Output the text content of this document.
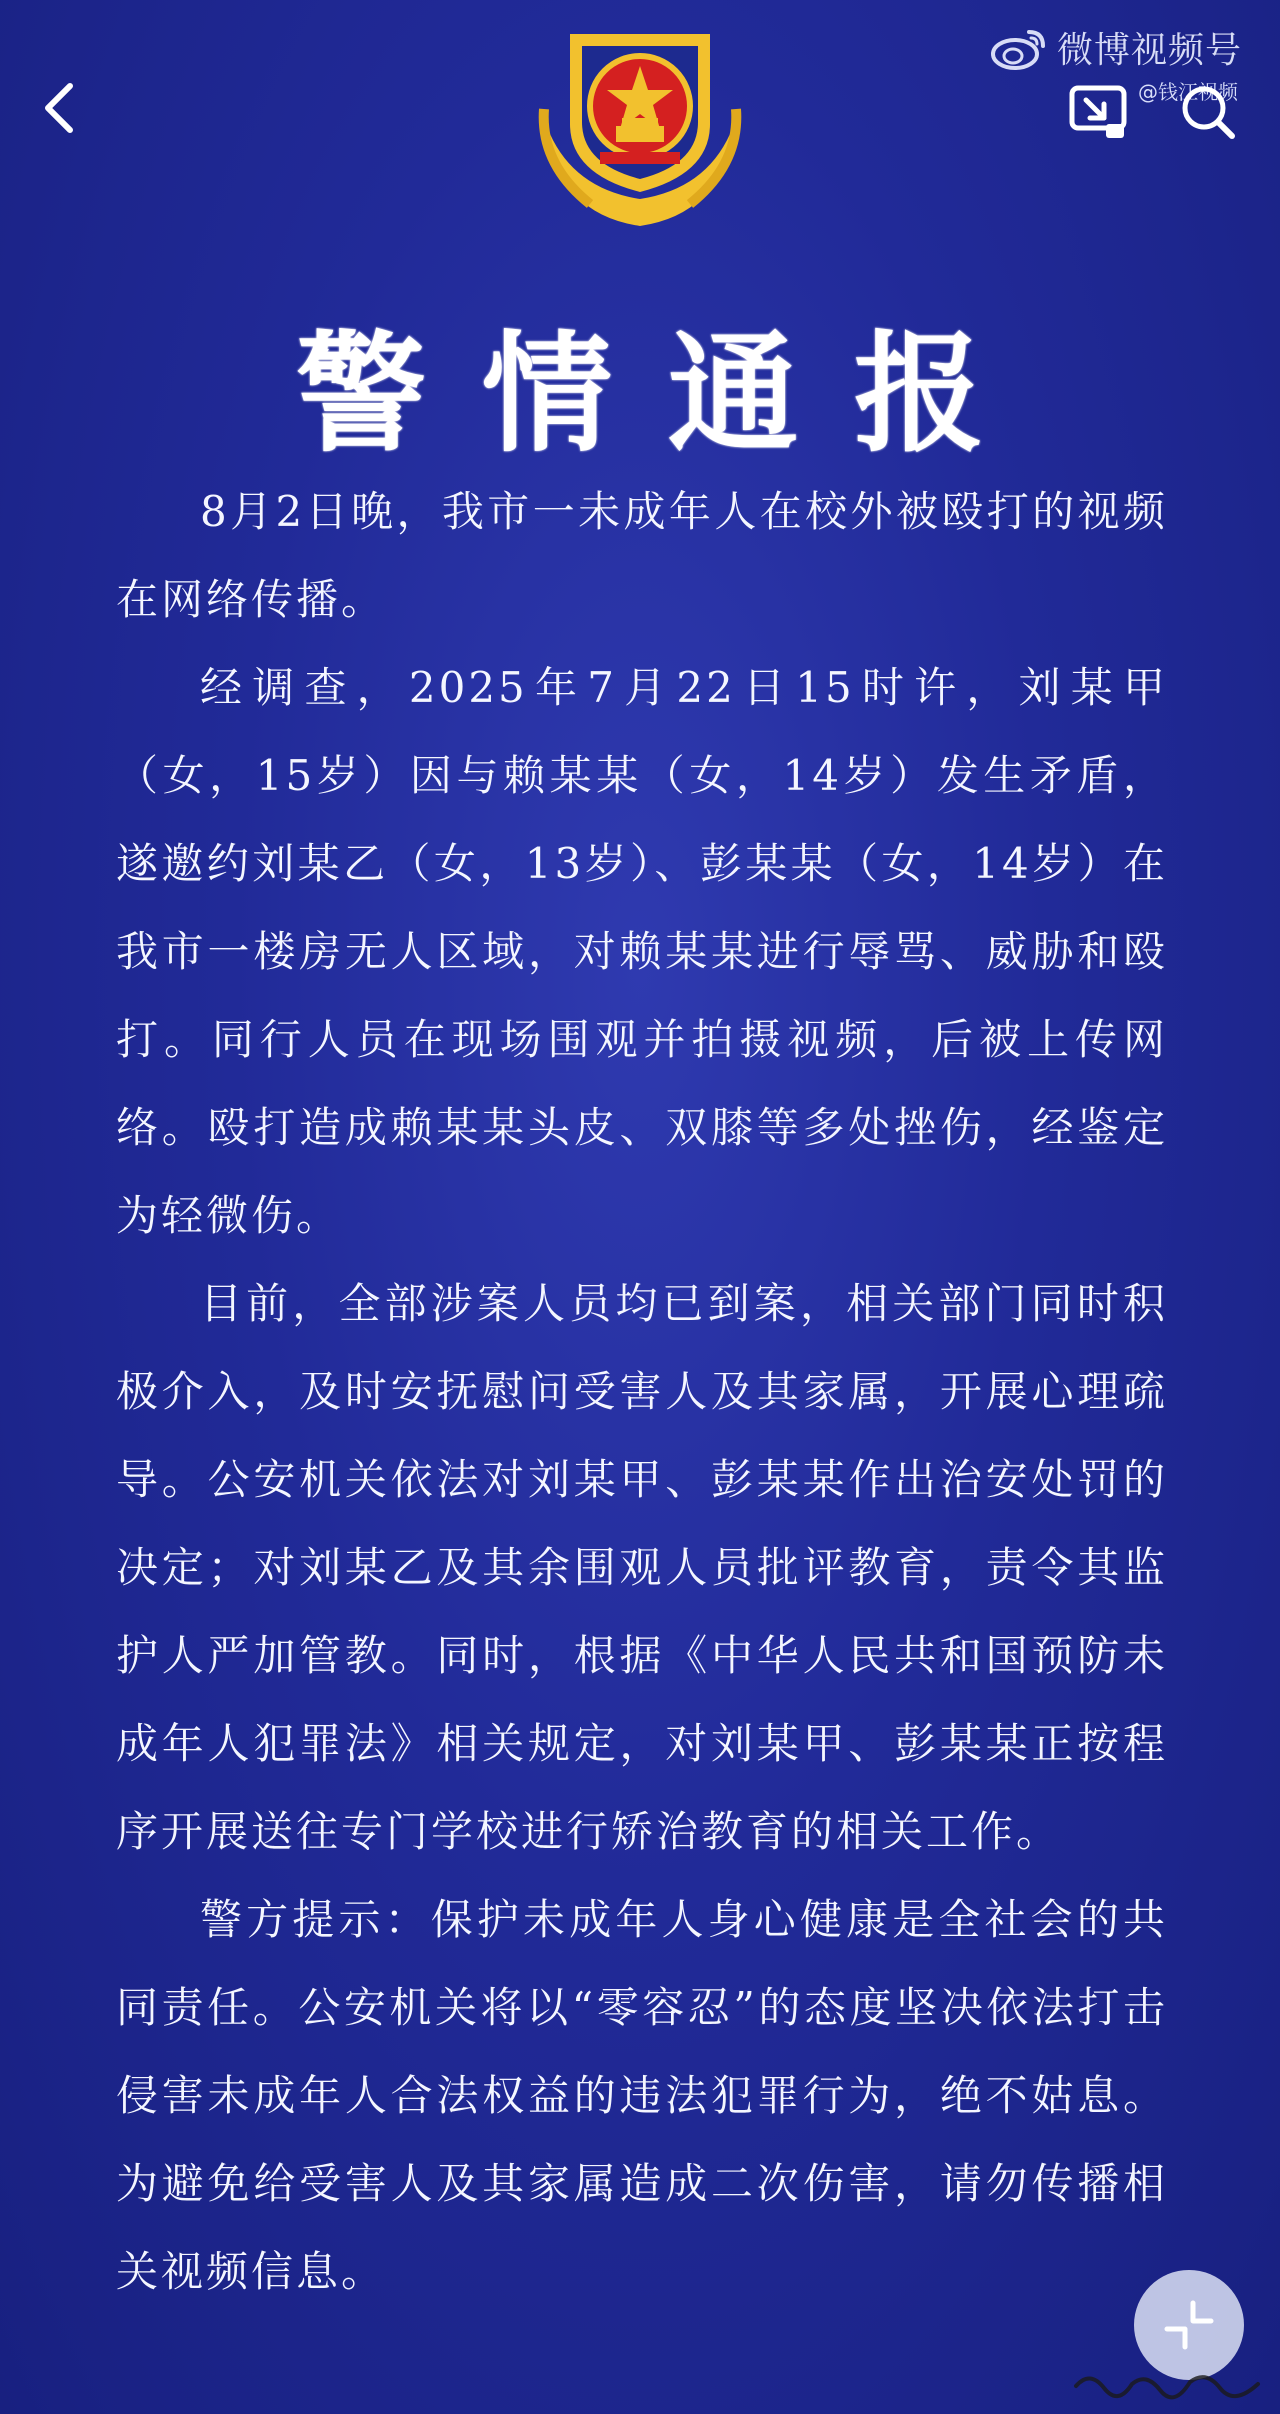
微博视频号
@钱江视频
警情通报

8月2日晚，我市一未成年人在校外被殴打的视频在网络传播。

经调查，2025年7月22日15时许，刘某甲（女，15岁）因与赖某某（女，14岁）发生矛盾，遂邀约刘某乙（女，13岁）、彭某某（女，14岁）在我市一楼房无人区域，对赖某某进行辱骂、威胁和殴打。同行人员在现场围观并拍摄视频，后被上传网络。殴打造成赖某某头皮、双膝等多处挫伤，经鉴定为轻微伤。

目前，全部涉案人员均已到案，相关部门同时积极介入，及时安抚慰问受害人及其家属，开展心理疏导。公安机关依法对刘某甲、彭某某作出治安处罚的决定；对刘某乙及其余围观人员批评教育，责令其监护人严加管教。同时，根据《中华人民共和国预防未成年人犯罪法》相关规定，对刘某甲、彭某某正按程序开展送往专门学校进行矫治教育的相关工作。

警方提示：保护未成年人身心健康是全社会的共同责任。公安机关将以“零容忍”的态度坚决依法打击侵害未成年人合法权益的违法犯罪行为，绝不姑息。为避免给受害人及其家属造成二次伤害，请勿传播相关视频信息。
